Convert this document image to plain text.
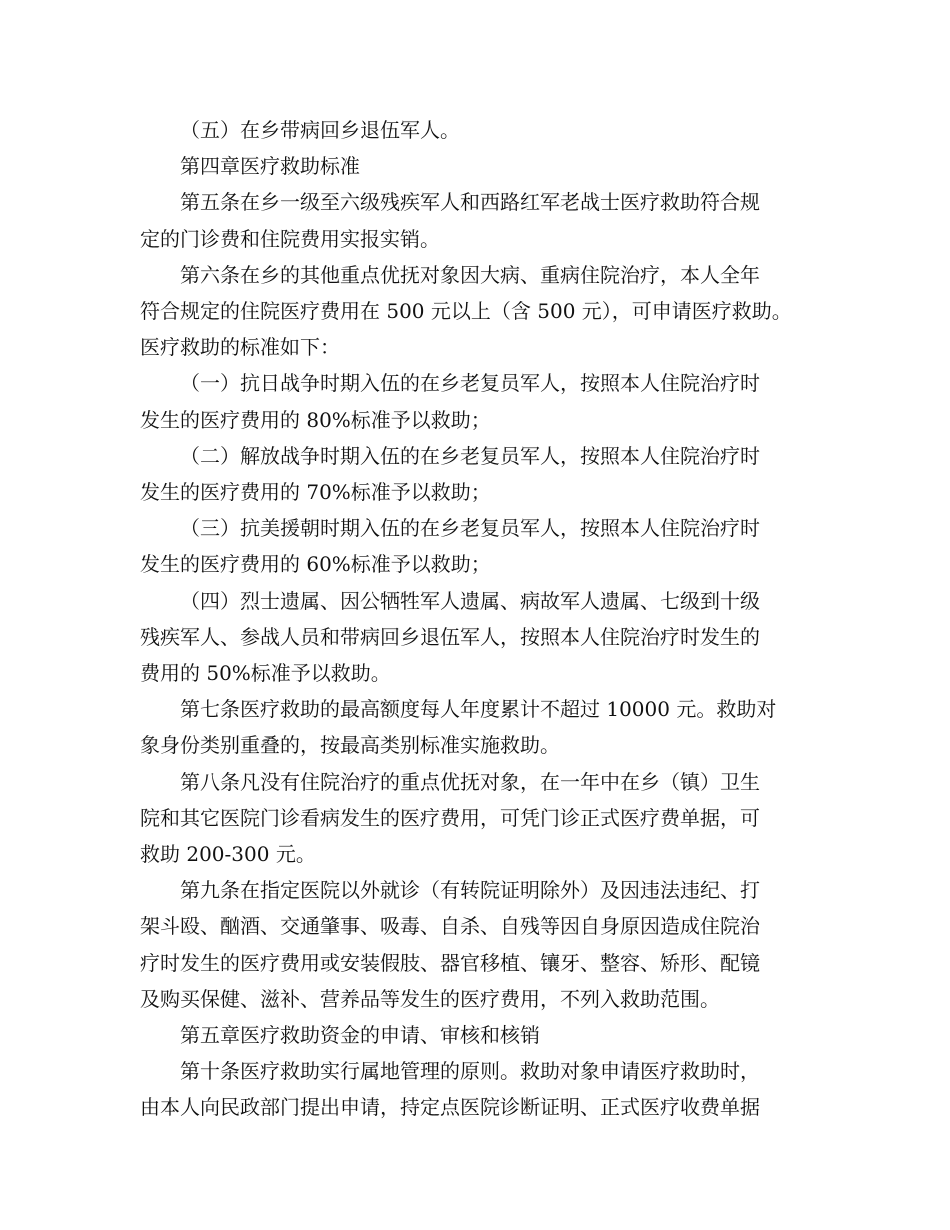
（五）在乡带病回乡退伍军人。

第四章医疗救助标准

第五条在乡一级至六级残疾军人和西路红军老战士医疗救助符合规
定的门诊费和住院费用实报实销。

第六条在乡的其他重点优抚对象因大病、重病住院治疗，本人全年
符合规定的住院医疗费用在 500 元以上（含 500 元），可申请医疗救助。
医疗救助的标准如下：

（一）抗日战争时期入伍的在乡老复员军人，按照本人住院治疗时
发生的医疗费用的 80%标准予以救助；

（二）解放战争时期入伍的在乡老复员军人，按照本人住院治疗时
发生的医疗费用的 70%标准予以救助；

（三）抗美援朝时期入伍的在乡老复员军人，按照本人住院治疗时
发生的医疗费用的 60%标准予以救助；

（四）烈士遗属、因公牺牲军人遗属、病故军人遗属、七级到十级
残疾军人、参战人员和带病回乡退伍军人，按照本人住院治疗时发生的
费用的 50%标准予以救助。

第七条医疗救助的最高额度每人年度累计不超过 10000 元。救助对
象身份类别重叠的，按最高类别标准实施救助。

第八条凡没有住院治疗的重点优抚对象，在一年中在乡（镇）卫生
院和其它医院门诊看病发生的医疗费用，可凭门诊正式医疗费单据，可
救助 200-300 元。

第九条在指定医院以外就诊（有转院证明除外）及因违法违纪、打
架斗殴、酗酒、交通肇事、吸毒、自杀、自残等因自身原因造成住院治
疗时发生的医疗费用或安装假肢、器官移植、镶牙、整容、矫形、配镜
及购买保健、滋补、营养品等发生的医疗费用，不列入救助范围。

第五章医疗救助资金的申请、审核和核销

第十条医疗救助实行属地管理的原则。救助对象申请医疗救助时，
由本人向民政部门提出申请，持定点医院诊断证明、正式医疗收费单据
